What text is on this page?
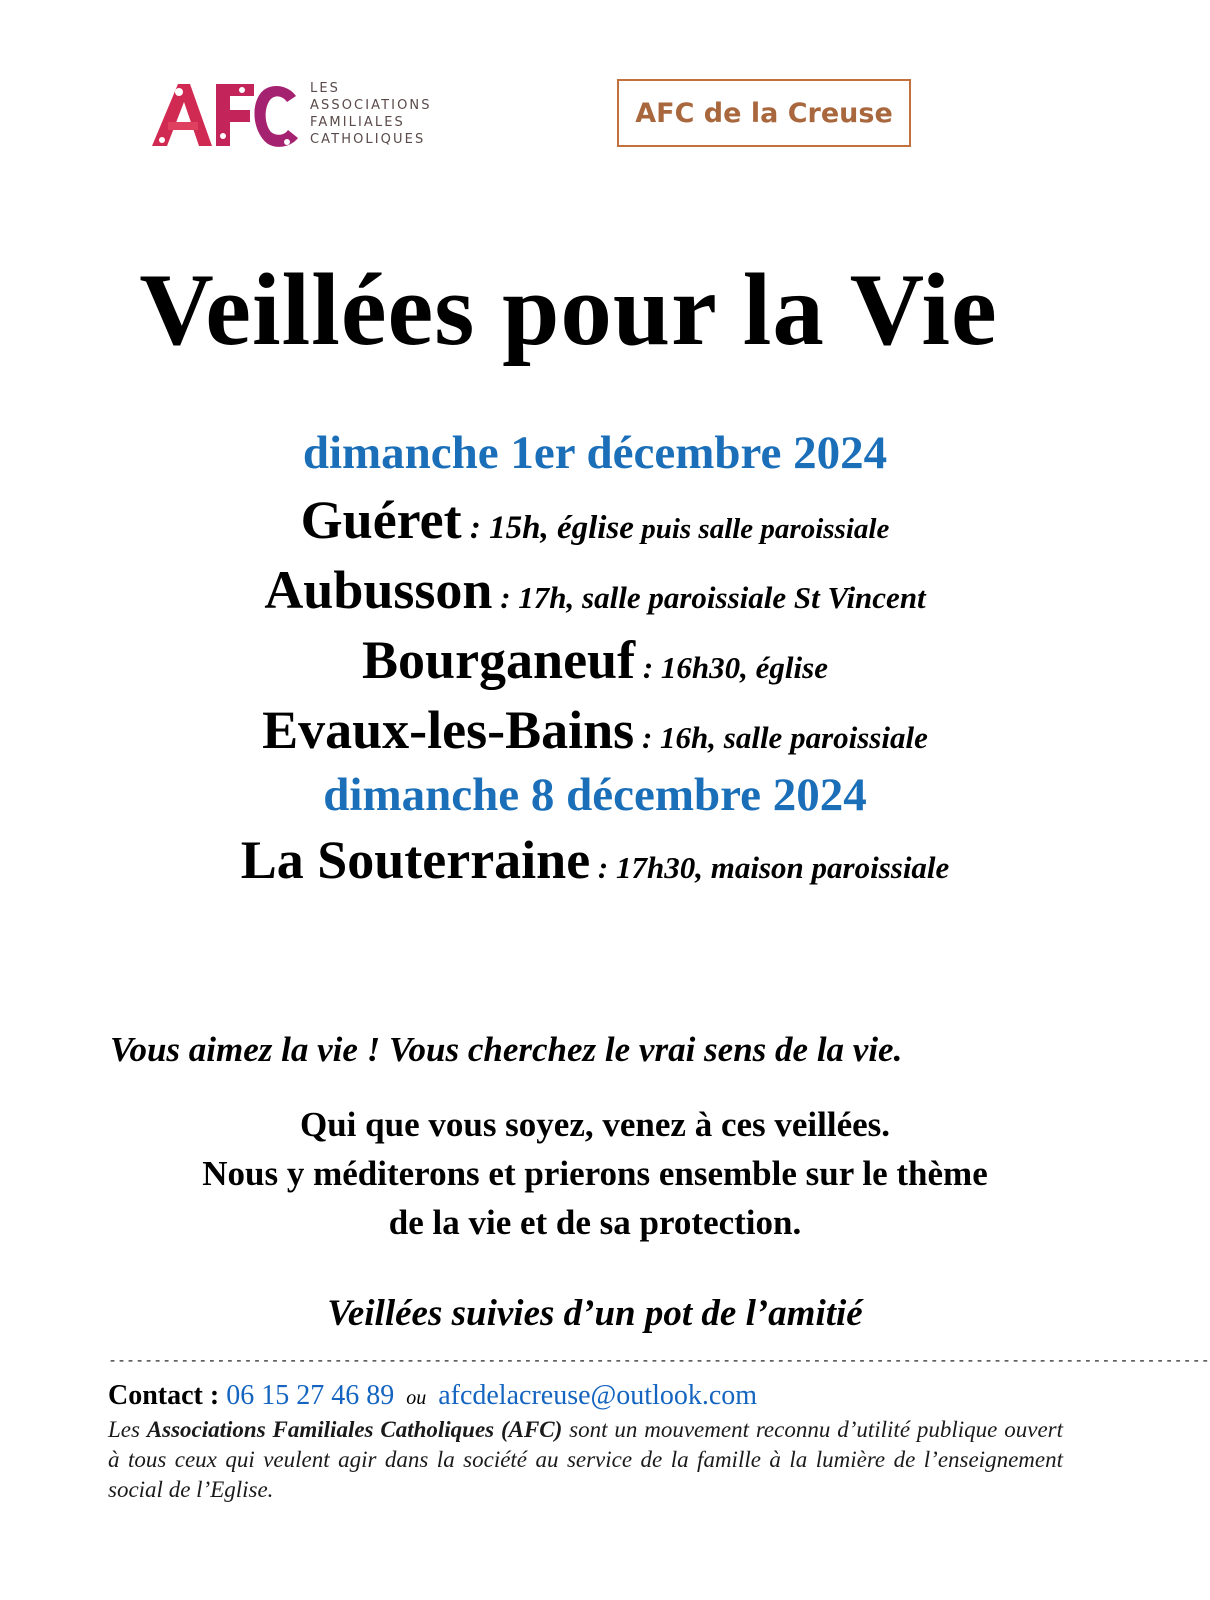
LES
ASSOCIATIONS
FAMILIALES
CATHOLIQUES
AFC de la Creuse
Veillées pour la Vie
dimanche 1er décembre 2024
Guéret : 15h, église puis salle paroissiale
Aubusson : 17h, salle paroissiale St Vincent
Bourganeuf : 16h30, église
Evaux-les-Bains : 16h, salle paroissiale
dimanche 8 décembre 2024
La Souterraine : 17h30, maison paroissiale
Vous aimez la vie ! Vous cherchez le vrai sens de la vie.
Qui que vous soyez, venez à ces veillées.
Nous y méditerons et prierons ensemble sur le thème
de la vie et de sa protection.
Veillées suivies d’un pot de l’amitié
--------------------------------------------------------------------------------------------------------------------------
Contact : 06 15 27 46 89 ou afcdelacreuse@outlook.com
Les Associations Familiales Catholiques (AFC) sont un mouvement reconnu d’utilité publique ouvert à tous ceux qui veulent agir dans la société au service de la famille à la lumière de l’enseignement social de l’Eglise.
